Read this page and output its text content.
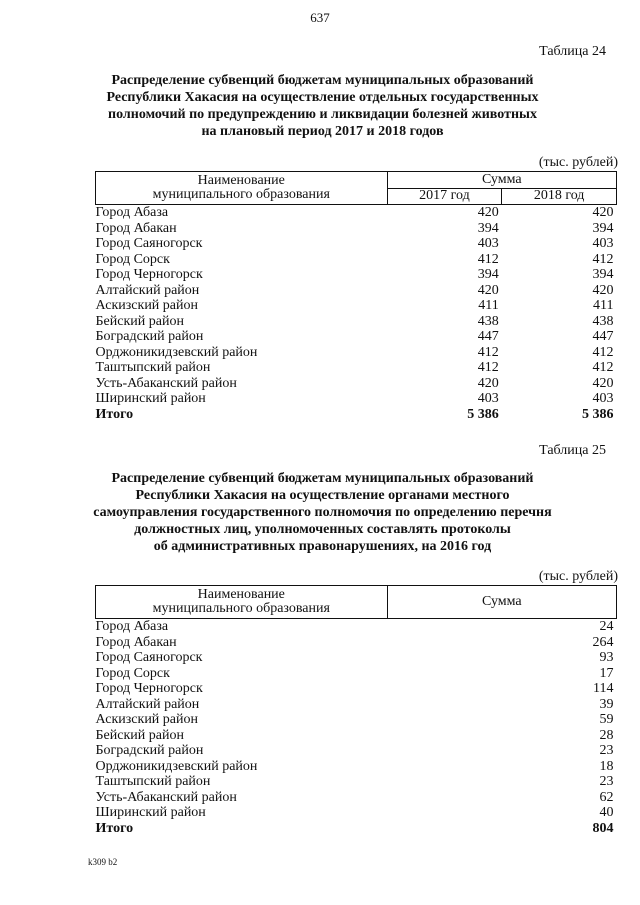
637
Таблица 24
Распределение субвенций бюджетам муниципальных образований
Республики Хакасия на осуществление отдельных государственных
полномочий по предупреждению и ликвидации болезней животных
на плановый период 2017 и 2018 годов
(тыс. рублей)
Наименование
муниципального образования	Сумма	
	2017 год	2018 год
Город Абаза	420	420
Город Абакан	394	394
Город Саяногорск	403	403
Город Сорск	412	412
Город Черногорск	394	394
Алтайский район	420	420
Аскизский район	411	411
Бейский район	438	438
Боградский район	447	447
Орджоникидзевский район	412	412
Таштыпский район	412	412
Усть-Абаканский район	420	420
Ширинский район	403	403
Итого	5 386	5 386
Таблица 25
Распределение субвенций бюджетам муниципальных образований
Республики Хакасия на осуществление органами местного
самоуправления государственного полномочия по определению перечня
должностных лиц, уполномоченных составлять протоколы
об административных правонарушениях, на 2016 год
(тыс. рублей)
Наименование
муниципального образования	Сумма
Город Абаза	24
Город Абакан	264
Город Саяногорск	93
Город Сорск	17
Город Черногорск	114
Алтайский район	39
Аскизский район	59
Бейский район	28
Боградский район	23
Орджоникидзевский район	18
Таштыпский район	23
Усть-Абаканский район	62
Ширинский район	40
Итого	804
k309 b2
